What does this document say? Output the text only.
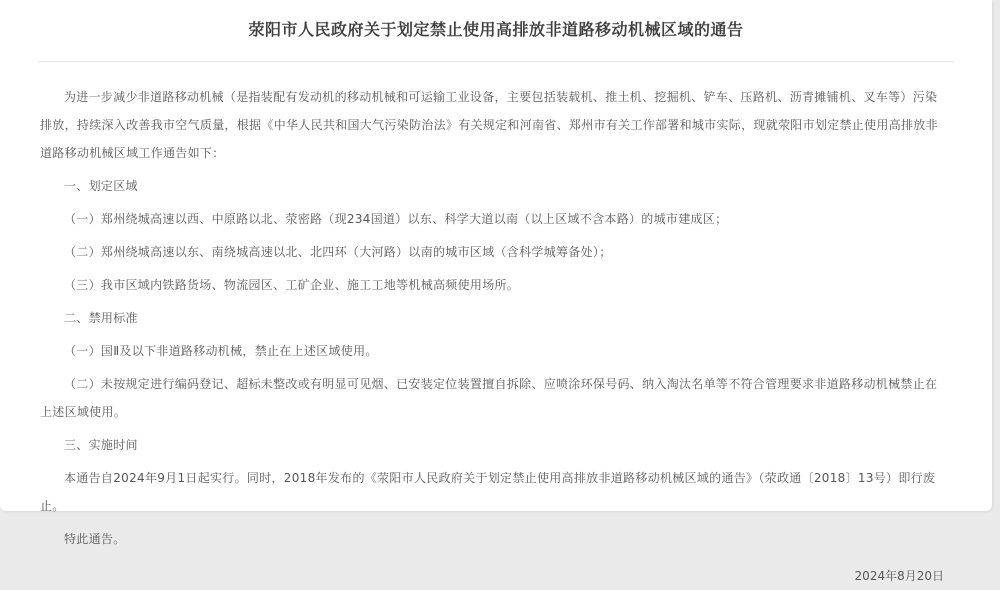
荥阳市人民政府关于划定禁止使用高排放非道路移动机械区域的通告

为进一步减少非道路移动机械（是指装配有发动机的移动机械和可运输工业设备，主要包括装载机、推土机、挖掘机、铲车、压路机、沥青摊铺机、叉车等）污染排放，持续深入改善我市空气质量，根据《中华人民共和国大气污染防治法》有关规定和河南省、郑州市有关工作部署和城市实际，现就荥阳市划定禁止使用高排放非道路移动机械区域工作通告如下：

一、划定区域

（一）郑州绕城高速以西、中原路以北、荥密路（现234国道）以东、科学大道以南（以上区域不含本路）的城市建成区；

（二）郑州绕城高速以东、南绕城高速以北、北四环（大河路）以南的城市区域（含科学城筹备处）；

（三）我市区域内铁路货场、物流园区、工矿企业、施工工地等机械高频使用场所。

二、禁用标准

（一）国Ⅱ及以下非道路移动机械，禁止在上述区域使用。

（二）未按规定进行编码登记、超标未整改或有明显可见烟、已安装定位装置擅自拆除、应喷涂环保号码、纳入淘汰名单等不符合管理要求非道路移动机械禁止在上述区域使用。

三、实施时间

本通告自2024年9月1日起实行。同时，2018年发布的《荥阳市人民政府关于划定禁止使用高排放非道路移动机械区域的通告》（荥政通〔2018〕13号）即行废止。

特此通告。

2024年8月20日
